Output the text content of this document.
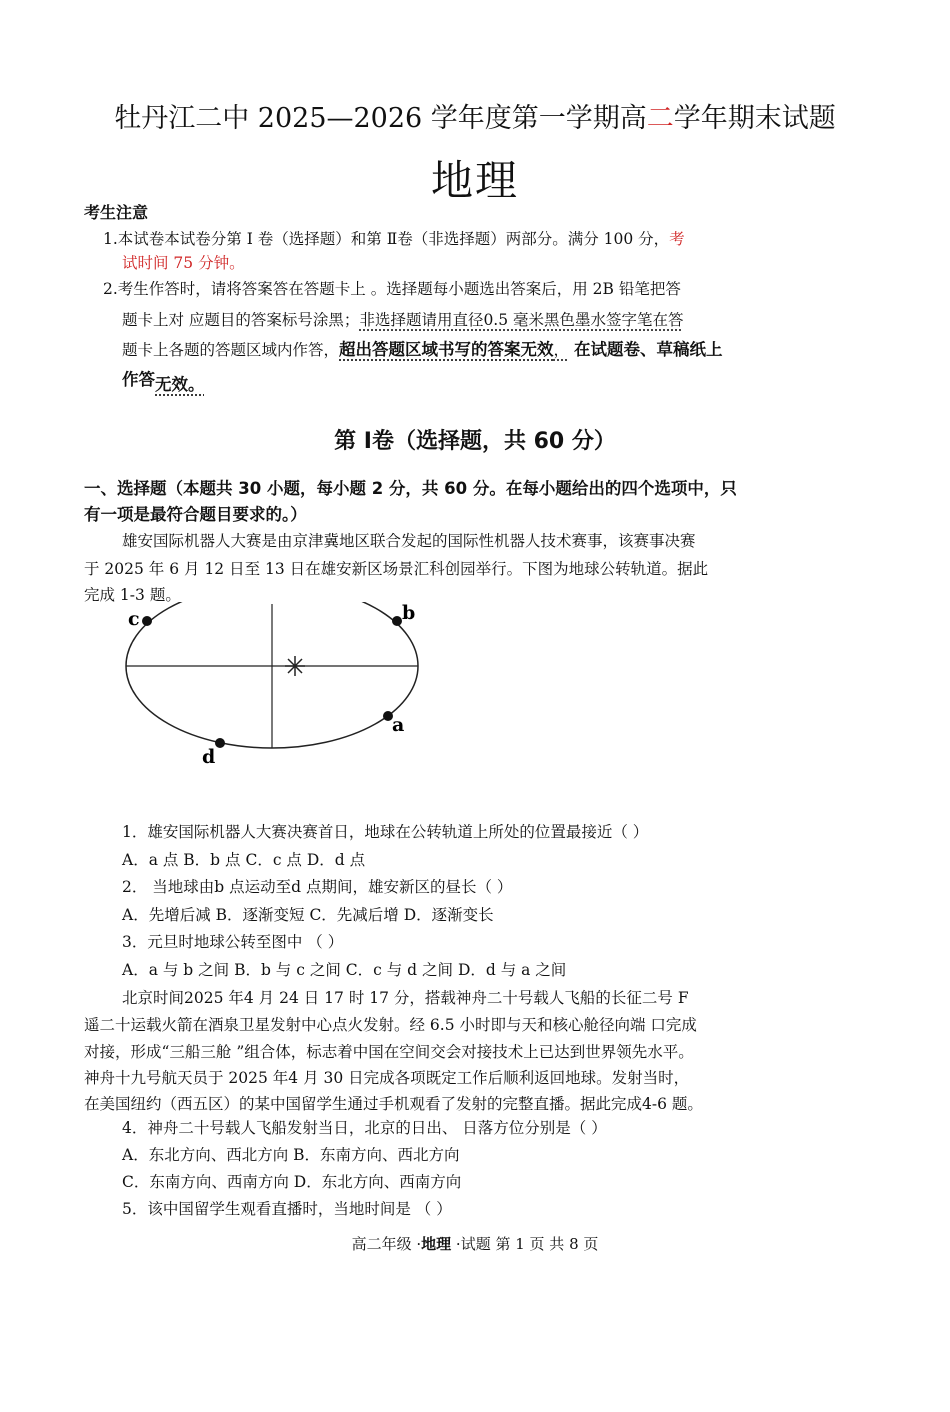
牡丹江二中 2025—2026 学年度第一学期高二学年期末试题
地理
考生注意
1.本试卷本试卷分第 Ⅰ 卷（选择题）和第 Ⅱ卷（非选择题）两部分。满分 100 分，考
试时间 75 分钟。
2.考生作答时，请将答案答在答题卡上 。选择题每小题选出答案后，用 2B 铅笔把答
题卡上对 应题目的答案标号涂黑；非选择题请用直径0.5 毫米黑色墨水签字笔在答
题卡上各题的答题区域内作答，超出答题区域书写的答案无效， 在试题卷、草稿纸上
作答无效。
第 Ⅰ卷（选择题，共 60 分）
一、选择题（本题共 30 小题，每小题 2 分，共 60 分。在每小题给出的四个选项中，只
有一项是最符合题目要求的。）
雄安国际机器人大赛是由京津冀地区联合发起的国际性机器人技术赛事，该赛事决赛
于 2025 年 6 月 12 日至 13 日在雄安新区场景汇科创园举行。下图为地球公转轨道。据此
完成 1-3 题。
c	b
a
d
1．雄安国际机器人大赛决赛首日，地球在公转轨道上所处的位置最接近（ ）
A．a 点 B．b 点 C．c 点 D．d 点
2． 当地球由b 点运动至d 点期间，雄安新区的昼长（ ）
A．先增后减 B．逐渐变短 C．先减后增 D．逐渐变长
3．元旦时地球公转至图中 （ ）
A．a 与 b 之间 B．b 与 c 之间 C．c 与 d 之间 D．d 与 a 之间
北京时间2025 年4 月 24 日 17 时 17 分，搭载神舟二十号载人飞船的长征二号 F
遥二十运载火箭在酒泉卫星发射中心点火发射。经 6.5 小时即与天和核心舱径向端 口完成
对接，形成“三船三舱 ”组合体，标志着中国在空间交会对接技术上已达到世界领先水平。
神舟十九号航天员于 2025 年4 月 30 日完成各项既定工作后顺利返回地球。发射当时，
在美国纽约（西五区）的某中国留学生通过手机观看了发射的完整直播。据此完成4-6 题。
4．神舟二十号载人飞船发射当日，北京的日出、 日落方位分别是（ ）
A．东北方向、西北方向 B．东南方向、西北方向
C．东南方向、西南方向 D．东北方向、西南方向
5．该中国留学生观看直播时，当地时间是 （ ）
高二年级 ·地理 ·试题 第 1 页 共 8 页
